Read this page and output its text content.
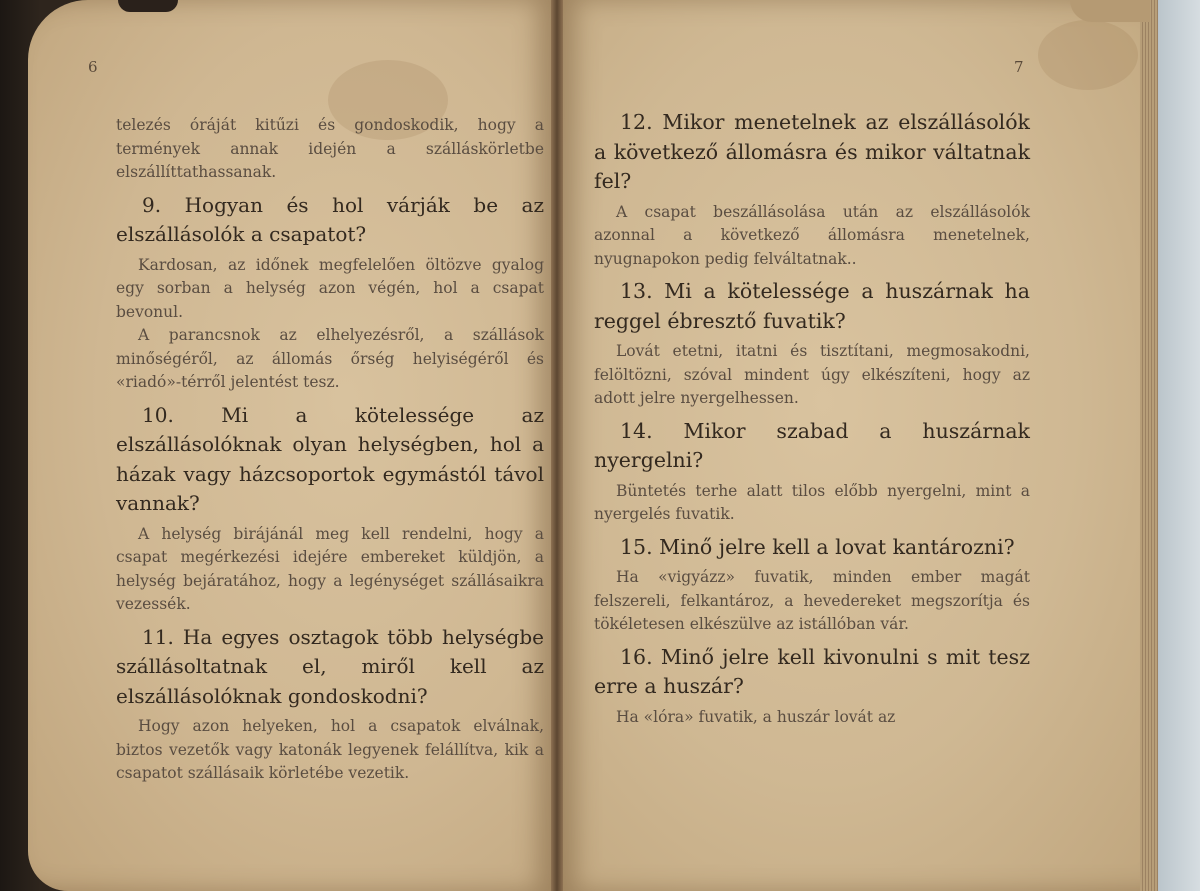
6	7

telezés óráját kitűzi és gondoskodik, hogy a termények annak idején a szálláskörletbe elszállíttathassanak.

9. Hogyan és hol várják be az elszállásolók a csapatot?

Kardosan, az időnek megfelelően öltözve gyalog egy sorban a helység azon végén, hol a csapat bevonul.

A parancsnok az elhelyezésről, a szállások minőségéről, az állomás őrség helyiségéről és «riadó»-térről jelentést tesz.

10. Mi a kötelessége az elszállásolóknak olyan helységben, hol a házak vagy házcsoportok egymástól távol vannak?

A helység birájánál meg kell rendelni, hogy a csapat megérkezési idejére embereket küldjön, a helység bejáratához, hogy a legénységet szállásaikra vezessék.

11. Ha egyes osztagok több helységbe szállásoltatnak el, miről kell az elszállásolóknak gondoskodni?

Hogy azon helyeken, hol a csapatok elválnak, biztos vezetők vagy katonák legyenek felállítva, kik a csapatot szállásaik körletébe vezetik.

12. Mikor menetelnek az elszállásolók a következő állomásra és mikor váltatnak fel?

A csapat beszállásolása után az elszállásolók azonnal a következő állomásra menetelnek, nyugnapokon pedig felváltatnak..

13. Mi a kötelessége a huszárnak ha reggel ébresztő fuvatik?

Lovát etetni, itatni és tisztítani, megmosakodni, felöltözni, szóval mindent úgy elkészíteni, hogy az adott jelre nyergelhessen.

14. Mikor szabad a huszárnak nyergelni?

Büntetés terhe alatt tilos előbb nyergelni, mint a nyergelés fuvatik.

15. Minő jelre kell a lovat kantározni?

Ha «vigyázz» fuvatik, minden ember magát felszereli, felkantároz, a hevedereket megszorítja és tökéletesen elkészülve az istállóban vár.

16. Minő jelre kell kivonulni s mit tesz erre a huszár?

Ha «lóra» fuvatik, a huszár lovát az
